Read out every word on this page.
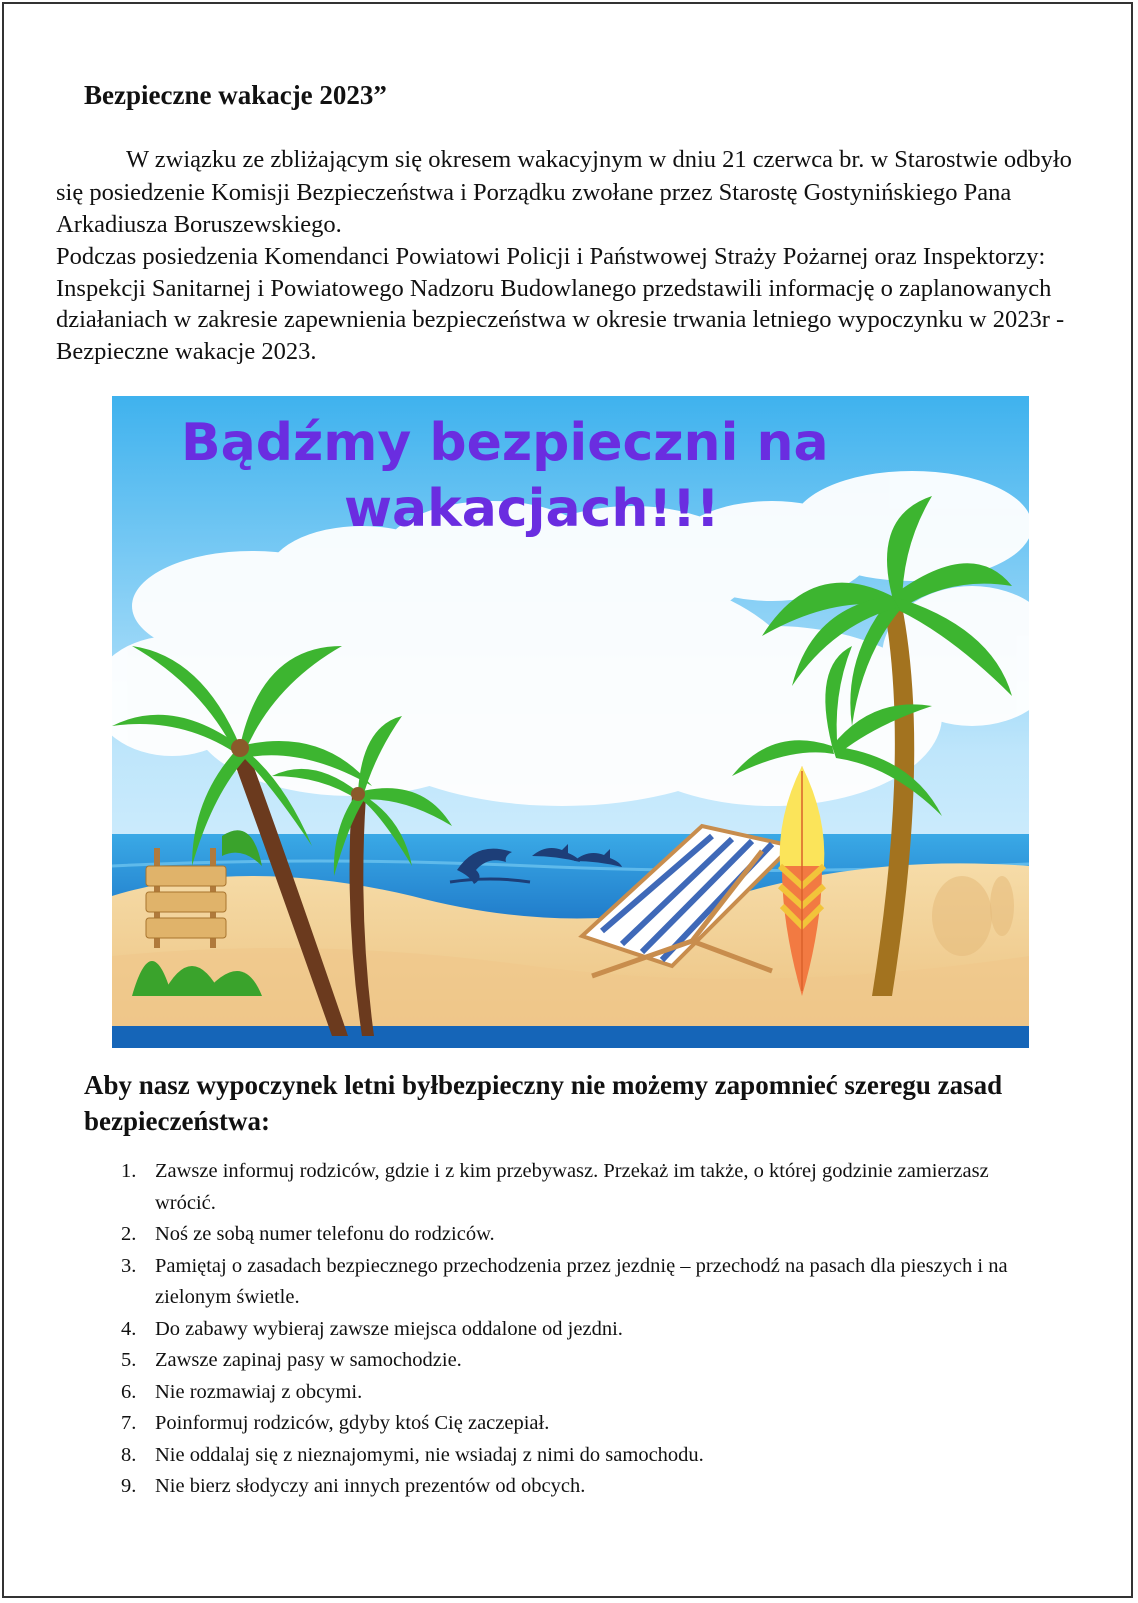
Bezpieczne wakacje 2023”

W związku ze zbliżającym się okresem wakacyjnym w dniu 21 czerwca br. w Starostwie odbyło się posiedzenie Komisji Bezpieczeństwa i Porządku zwołane przez Starostę Gostynińskiego Pana Arkadiusza Boruszewskiego.

Podczas posiedzenia Komendanci Powiatowi Policji i Państwowej Straży Pożarnej oraz Inspektorzy: Inspekcji Sanitarnej i Powiatowego Nadzoru Budowlanego przedstawili informację o zaplanowanych działaniach w zakresie zapewnienia bezpieczeństwa w okresie trwania letniego wypoczynku w 2023r - Bezpieczne wakacje 2023.

Bądźmy bezpieczni na
wakacjach!!!
Aby nasz wypoczynek letni byłbezpieczny nie możemy zapomnieć szeregu zasad bezpieczeństwa:
1. Zawsze informuj rodziców, gdzie i z kim przebywasz. Przekaż im także, o której godzinie zamierzasz wrócić.
2. Noś ze sobą numer telefonu do rodziców.
3. Pamiętaj o zasadach bezpiecznego przechodzenia przez jezdnię – przechodź na pasach dla pieszych i na zielonym świetle.
4. Do zabawy wybieraj zawsze miejsca oddalone od jezdni.
5. Zawsze zapinaj pasy w samochodzie.
6. Nie rozmawiaj z obcymi.
7. Poinformuj rodziców, gdyby ktoś Cię zaczepiał.
8. Nie oddalaj się z nieznajomymi, nie wsiadaj z nimi do samochodu.
9. Nie bierz słodyczy ani innych prezentów od obcych.
